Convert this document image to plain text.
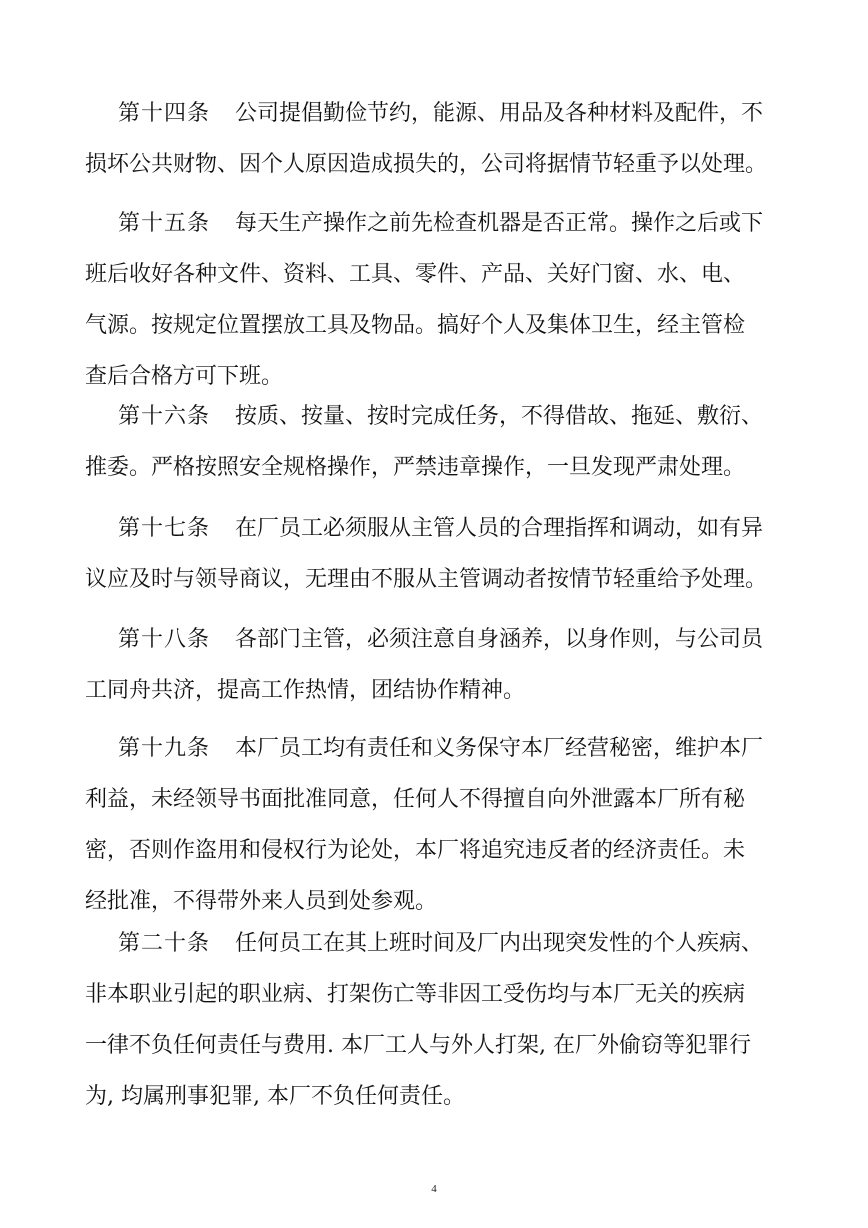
第十四条 公司提倡勤俭节约，能源、用品及各种材料及配件，不
损坏公共财物、因个人原因造成损失的，公司将据情节轻重予以处理。
第十五条 每天生产操作之前先检查机器是否正常。操作之后或下
班后收好各种文件、资料、工具、零件、产品、关好门窗、水、电、
气源。按规定位置摆放工具及物品。搞好个人及集体卫生，经主管检
查后合格方可下班。
第十六条 按质、按量、按时完成任务，不得借故、拖延、敷衍、
推委。严格按照安全规格操作，严禁违章操作，一旦发现严肃处理。
第十七条 在厂员工必须服从主管人员的合理指挥和调动，如有异
议应及时与领导商议，无理由不服从主管调动者按情节轻重给予处理。
第十八条 各部门主管，必须注意自身涵养，以身作则，与公司员
工同舟共济，提高工作热情，团结协作精神。
第十九条 本厂员工均有责任和义务保守本厂经营秘密，维护本厂
利益，未经领导书面批准同意，任何人不得擅自向外泄露本厂所有秘
密，否则作盗用和侵权行为论处，本厂将追究违反者的经济责任。未
经批准，不得带外来人员到处参观。
第二十条 任何员工在其上班时间及厂内出现突发性的个人疾病、
非本职业引起的职业病、打架伤亡等非因工受伤均与本厂无关的疾病
一律不负任何责任与费用. 本厂工人与外人打架, 在厂外偷窃等犯罪行
为, 均属刑事犯罪, 本厂不负任何责任。
4
